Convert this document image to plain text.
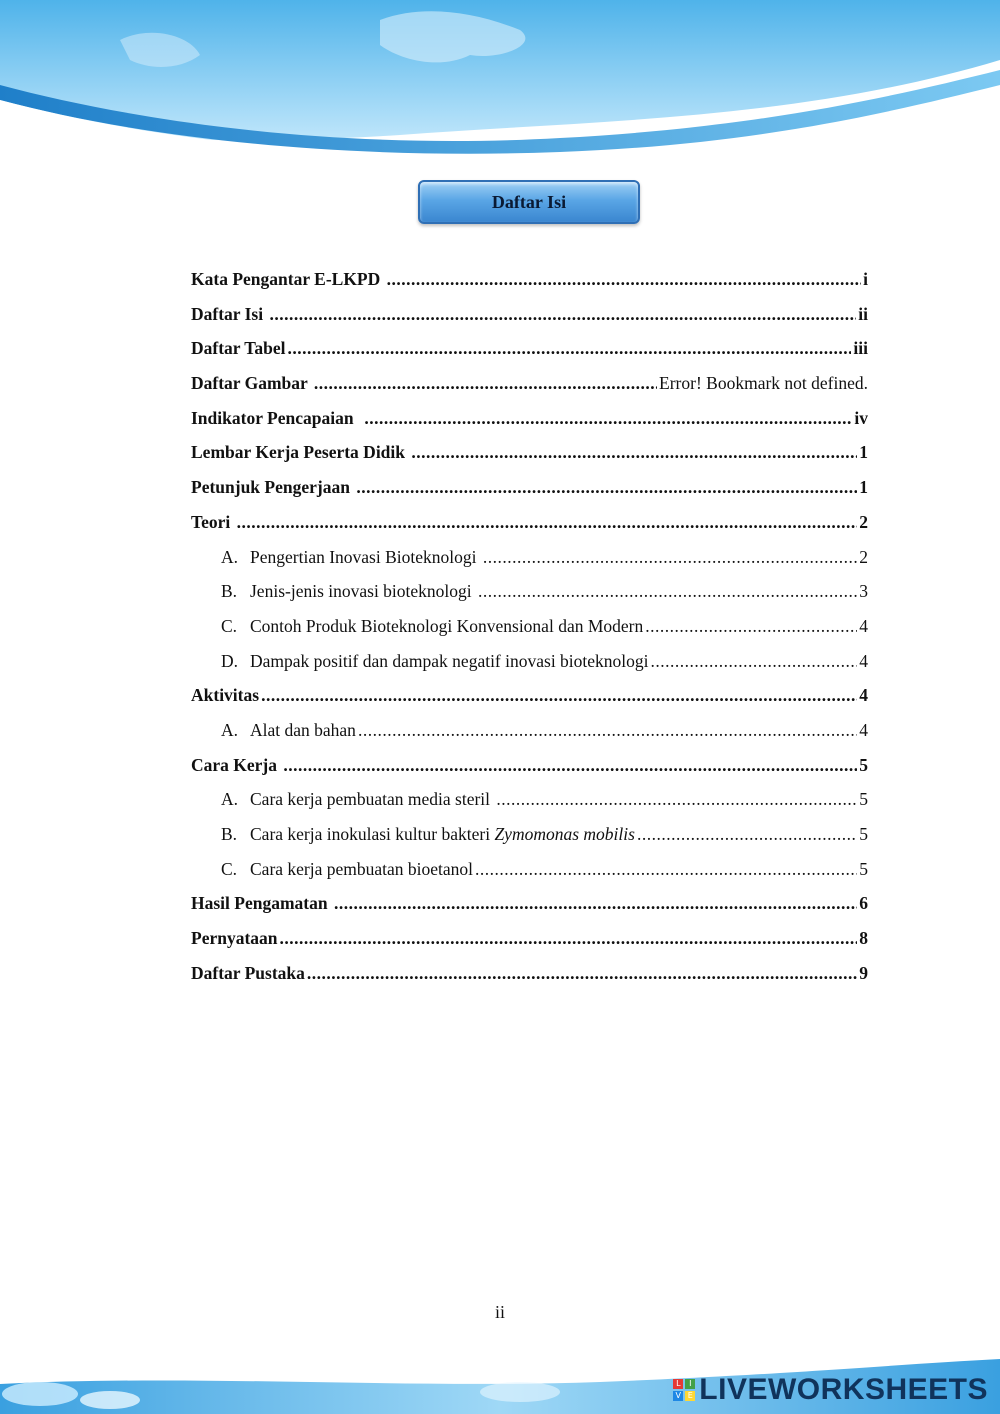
Daftar Isi
Kata Pengantar E-LKPD .....	i
Daftar Isi .....	ii
Daftar Tabel .....	iii
Daftar Gambar .....	Error! Bookmark not defined.
Indikator Pencapaian .....	iv
Lembar Kerja Peserta Didik .....	1
Petunjuk Pengerjaan .....	1
Teori .....	2
A. Pengertian Inovasi Bioteknologi .....	2
B. Jenis-jenis inovasi bioteknologi .....	3
C. Contoh Produk Bioteknologi Konvensional dan Modern .....	4
D. Dampak positif dan dampak negatif inovasi bioteknologi .....	4
Aktivitas .....	4
A. Alat dan bahan .....	4
Cara Kerja .....	5
A. Cara kerja pembuatan media steril .....	5
B. Cara kerja inokulasi kultur bakteri Zymomonas mobilis .....	5
C. Cara kerja pembuatan bioetanol .....	5
Hasil Pengamatan .....	6
Pernyataan .....	8
Daftar Pustaka .....	9
ii
L	I
V E LIVEWORKSHEETS
